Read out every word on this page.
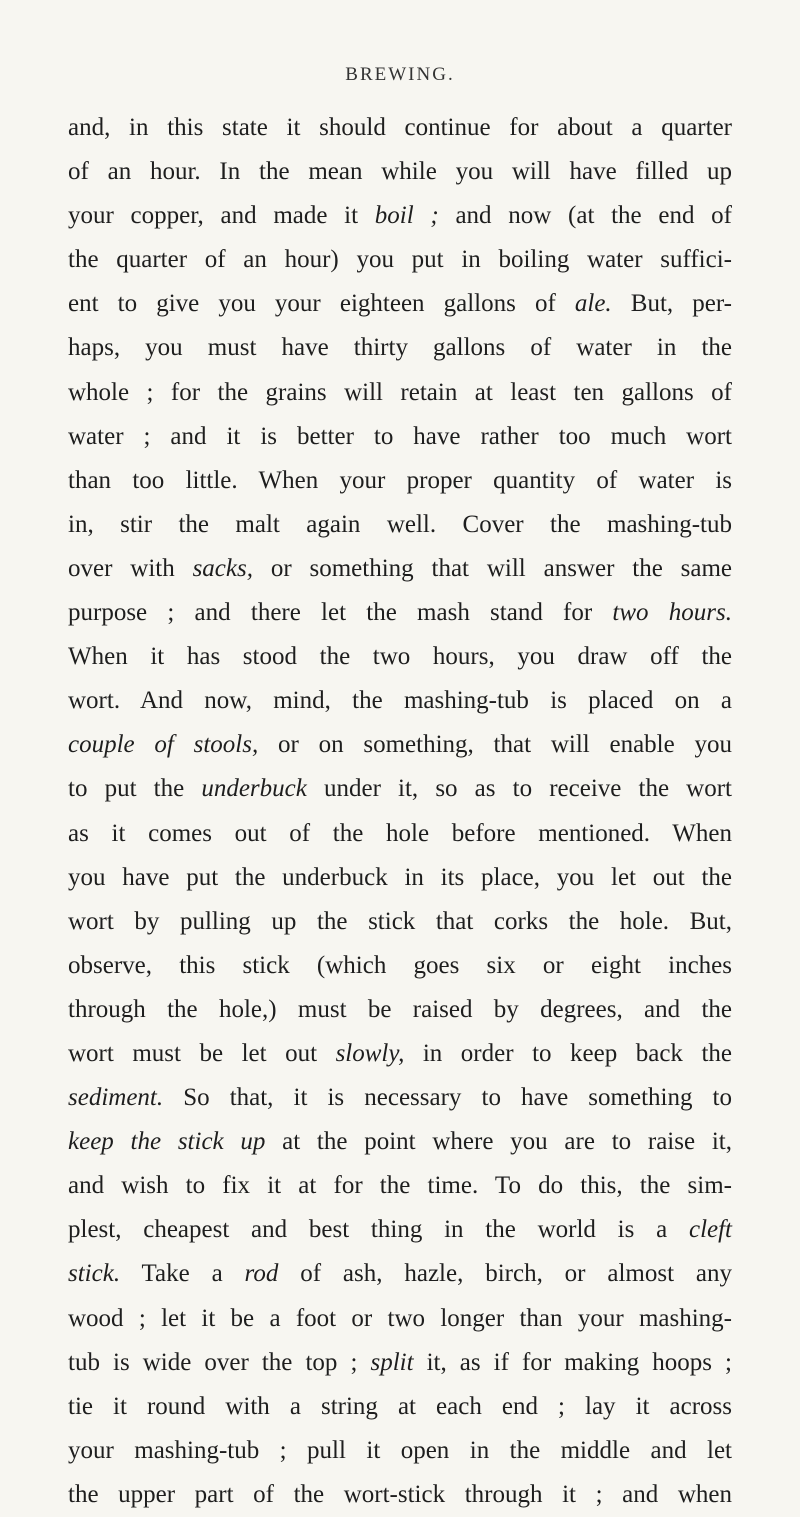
BREWING.
and, in this state it should continue for about a quarter
of an hour. In the mean while you will have filled up
your copper, and made it boil ; and now (at the end of
the quarter of an hour) you put in boiling water suffici-
ent to give you your eighteen gallons of ale. But, per-
haps, you must have thirty gallons of water in the
whole ; for the grains will retain at least ten gallons of
water ; and it is better to have rather too much wort
than too little. When your proper quantity of water is
in, stir the malt again well. Cover the mashing-tub
over with sacks, or something that will answer the same
purpose ; and there let the mash stand for two hours.
When it has stood the two hours, you draw off the
wort. And now, mind, the mashing-tub is placed on a
couple of stools, or on something, that will enable you
to put the underbuck under it, so as to receive the wort
as it comes out of the hole before mentioned. When
you have put the underbuck in its place, you let out the
wort by pulling up the stick that corks the hole. But,
observe, this stick (which goes six or eight inches
through the hole,) must be raised by degrees, and the
wort must be let out slowly, in order to keep back the
sediment. So that, it is necessary to have something to
keep the stick up at the point where you are to raise it,
and wish to fix it at for the time. To do this, the sim-
plest, cheapest and best thing in the world is a cleft
stick. Take a rod of ash, hazle, birch, or almost any
wood ; let it be a foot or two longer than your mashing-
tub is wide over the top ; split it, as if for making hoops ;
tie it round with a string at each end ; lay it across
your mashing-tub ; pull it open in the middle and let
the upper part of the wort-stick through it ; and when
